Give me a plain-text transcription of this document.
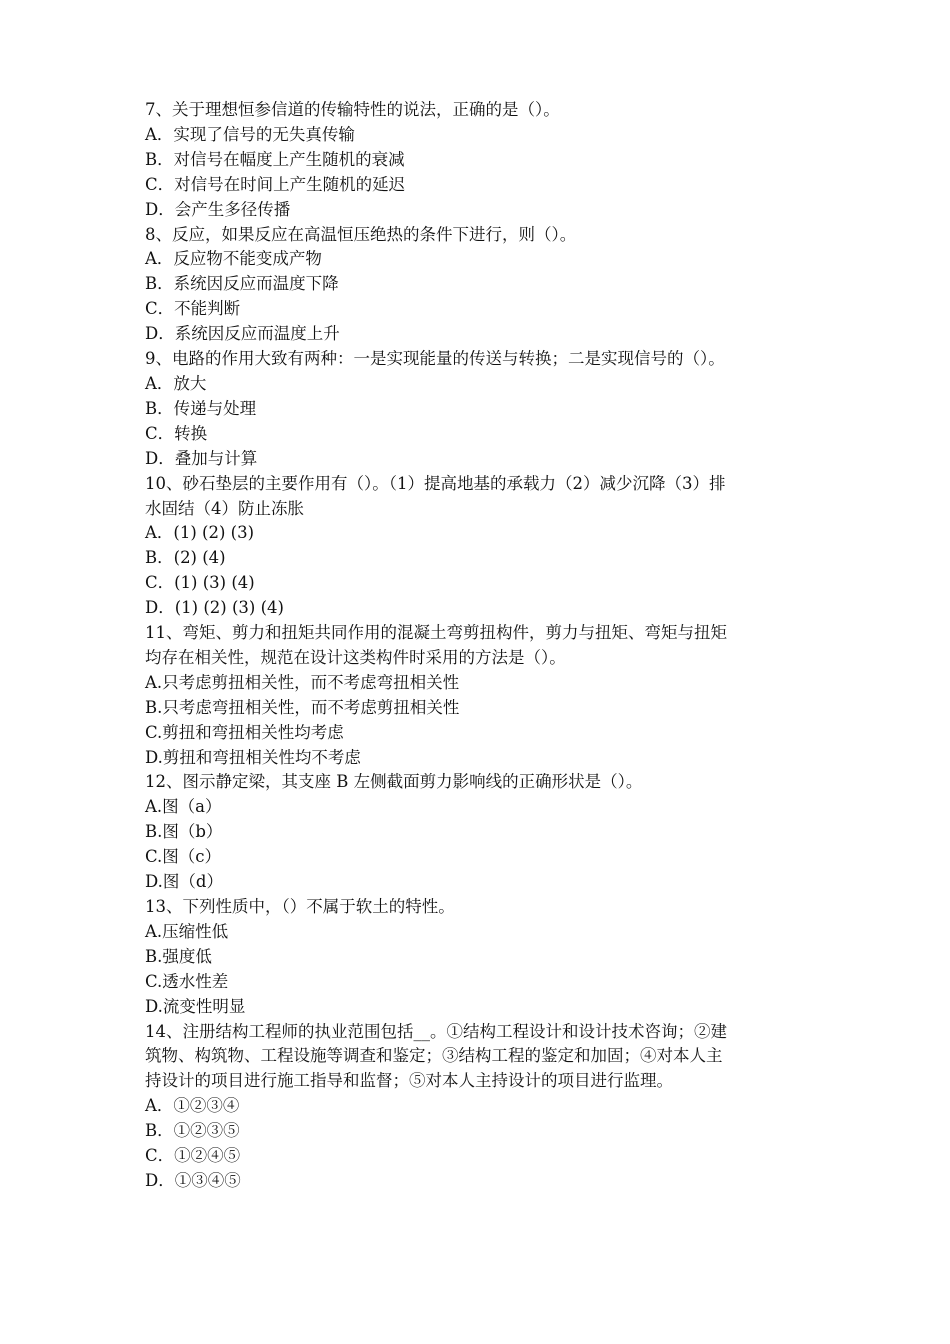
7、关于理想恒参信道的传输特性的说法，正确的是（）。
A．实现了信号的无失真传输
B．对信号在幅度上产生随机的衰减
C．对信号在时间上产生随机的延迟
D．会产生多径传播
8、反应，如果反应在高温恒压绝热的条件下进行，则（）。
A．反应物不能变成产物
B．系统因反应而温度下降
C．不能判断
D．系统因反应而温度上升
9、电路的作用大致有两种：一是实现能量的传送与转换；二是实现信号的（）。
A．放大
B．传递与处理
C．转换
D．叠加与计算
10、砂石垫层的主要作用有（）。（1）提高地基的承载力（2）减少沉降（3）排
水固结（4）防止冻胀
A．(1) (2) (3)
B．(2) (4)
C．(1) (3) (4)
D．(1) (2) (3) (4)
11、弯矩、剪力和扭矩共同作用的混凝土弯剪扭构件，剪力与扭矩、弯矩与扭矩
均存在相关性，规范在设计这类构件时采用的方法是（）。
A.只考虑剪扭相关性，而不考虑弯扭相关性
B.只考虑弯扭相关性，而不考虑剪扭相关性
C.剪扭和弯扭相关性均考虑
D.剪扭和弯扭相关性均不考虑
12、图示静定梁，其支座 B 左侧截面剪力影响线的正确形状是（）。
A.图（a）
B.图（b）
C.图（c）
D.图（d）
13、下列性质中，（）不属于软土的特性。
A.压缩性低
B.强度低
C.透水性差
D.流变性明显
14、注册结构工程师的执业范围包括__。①结构工程设计和设计技术咨询；②建
筑物、构筑物、工程设施等调查和鉴定；③结构工程的鉴定和加固；④对本人主
持设计的项目进行施工指导和监督；⑤对本人主持设计的项目进行监理。
A．①②③④
B．①②③⑤
C．①②④⑤
D．①③④⑤
